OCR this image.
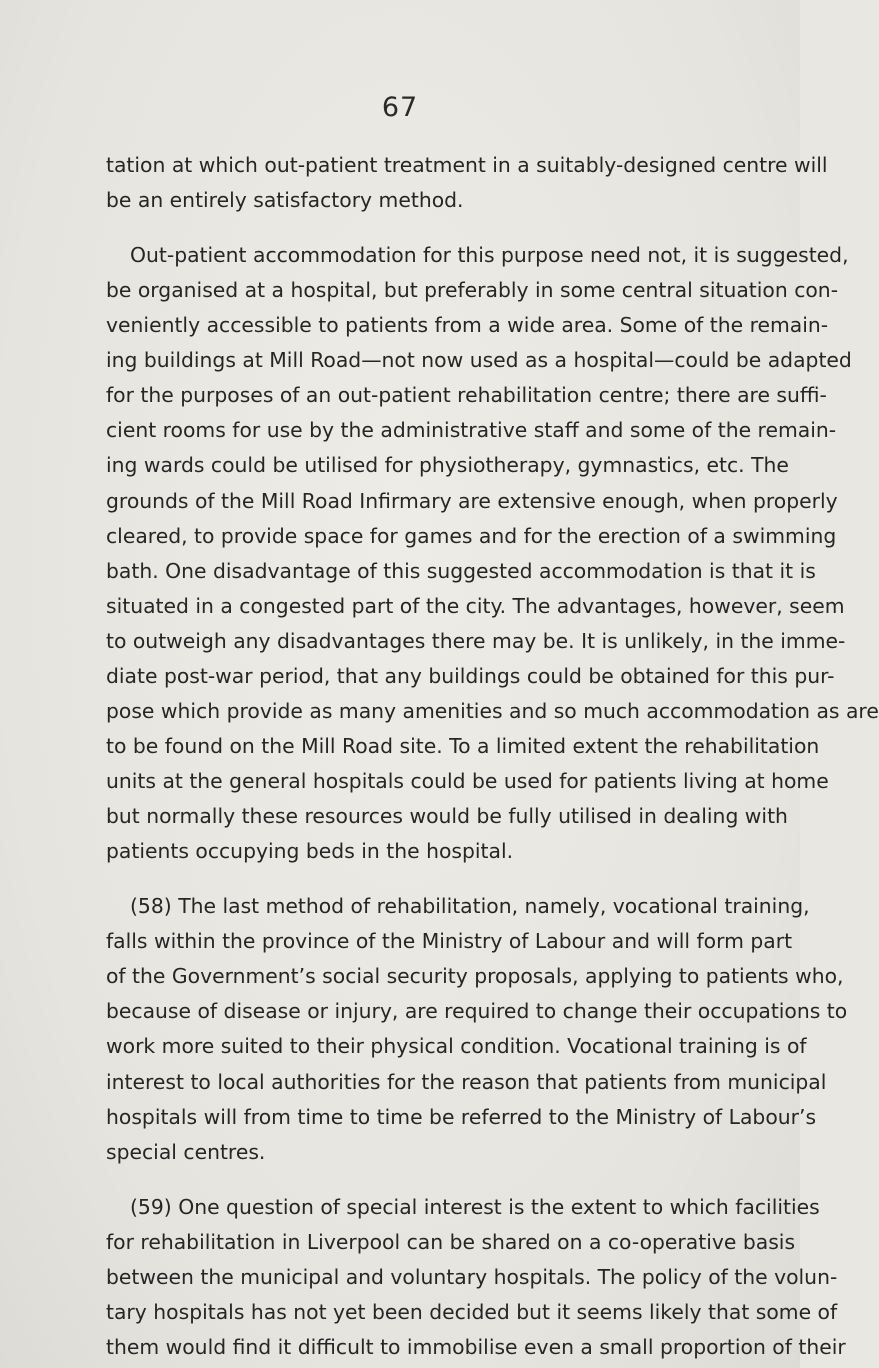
67
tation at which out-patient treatment in a suitably-designed centre will
be an entirely satisfactory method.
Out-patient accommodation for this purpose need not, it is suggested,
be organised at a hospital, but preferably in some central situation con-
veniently accessible to patients from a wide area. Some of the remain-
ing buildings at Mill Road—not now used as a hospital—could be adapted
for the purposes of an out-patient rehabilitation centre; there are suffi-
cient rooms for use by the administrative staff and some of the remain-
ing wards could be utilised for physiotherapy, gymnastics, etc. The
grounds of the Mill Road Infirmary are extensive enough, when properly
cleared, to provide space for games and for the erection of a swimming
bath. One disadvantage of this suggested accommodation is that it is
situated in a congested part of the city. The advantages, however, seem
to outweigh any disadvantages there may be. It is unlikely, in the imme-
diate post-war period, that any buildings could be obtained for this pur-
pose which provide as many amenities and so much accommodation as are
to be found on the Mill Road site. To a limited extent the rehabilitation
units at the general hospitals could be used for patients living at home
but normally these resources would be fully utilised in dealing with
patients occupying beds in the hospital.
(58) The last method of rehabilitation, namely, vocational training,
falls within the province of the Ministry of Labour and will form part
of the Government’s social security proposals, applying to patients who,
because of disease or injury, are required to change their occupations to
work more suited to their physical condition. Vocational training is of
interest to local authorities for the reason that patients from municipal
hospitals will from time to time be referred to the Ministry of Labour’s
special centres.
(59) One question of special interest is the extent to which facilities
for rehabilitation in Liverpool can be shared on a co-operative basis
between the municipal and voluntary hospitals. The policy of the volun-
tary hospitals has not yet been decided but it seems likely that some of
them would find it difficult to immobilise even a small proportion of their
